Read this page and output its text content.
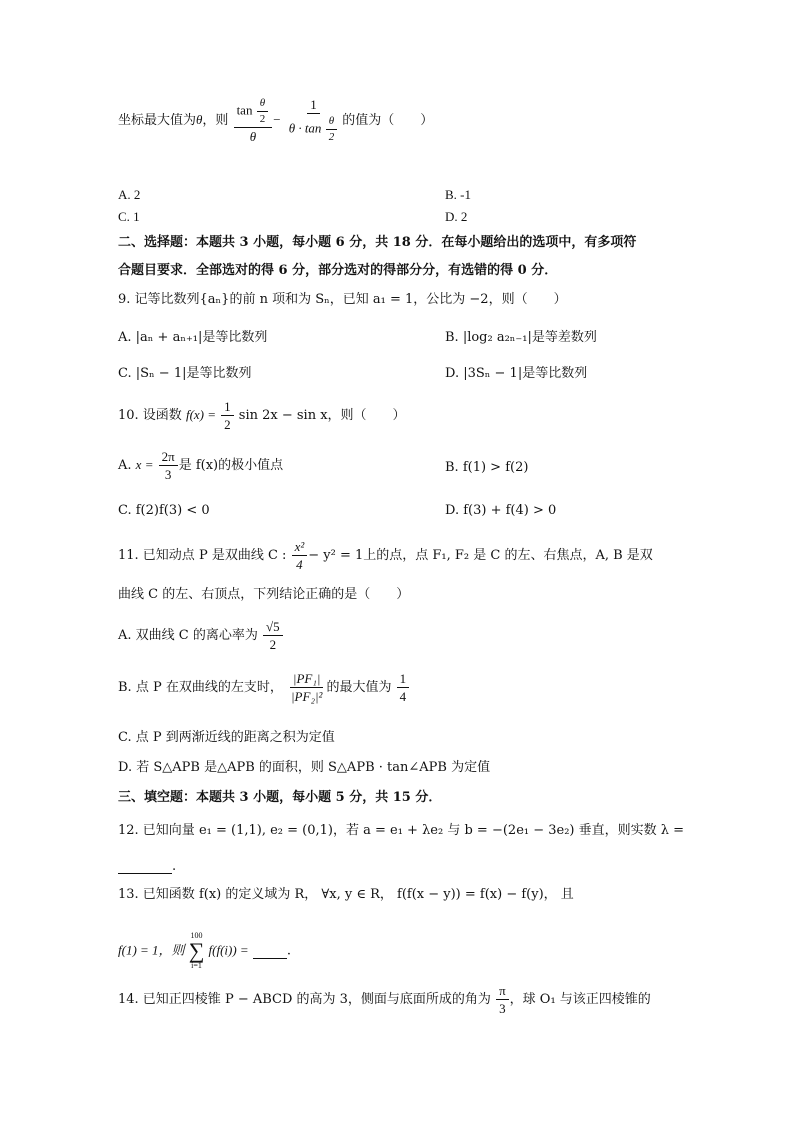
坐标最大值为θ，则 $\frac{\tan \frac{\theta}{2}}{\theta} - \frac{1}{\theta \cdot \tan \frac{\theta}{2}}$ 的值为（　　）
A. 2	B. -1
C. 1	D. 2
二、选择题：本题共 3 小题，每小题 6 分，共 18 分．在每小题给出的选项中，有多项符
合题目要求．全部选对的得 6 分，部分选对的得部分分，有选错的得 0 分．
9. 记等比数列{aₙ}的前 n 项和为 Sₙ，已知 a₁ = 1，公比为 −2，则（　　）
A. |aₙ + aₙ₊₁|是等比数列	B. |log₂ a₂ₙ₋₁|是等差数列
C. |Sₙ − 1|是等比数列	D. |3Sₙ − 1|是等比数列
10. 设函数 $f(x) = \frac{1}{2}$ sin 2x − sin x，则（　　）
A. $x = \frac{2\pi}{3}$ 是 f(x)的极小值点	B. f(1) > f(2)
C. f(2)f(3) < 0	D. f(3) + f(4) > 0
11. 已知动点 P 是双曲线 C : $\frac{\text{x²}}{4} - y^2 = 1$上的点，点 F₁, F₂ 是 C 的左、右焦点，A, B 是双
曲线 C 的左、右顶点，下列结论正确的是（　　）
A. 双曲线 C 的离心率为 $\frac{√5}{2}$
B. 点 P 在双曲线的左支时， $\frac{\text{|PF₁|}}{\text{|PF₂|²}}$ 的最大值为 $\frac{1}{4}$
C. 点 P 到两渐近线的距离之积为定值
D. 若 S△APB 是△APB 的面积，则 S△APB · tan∠APB 为定值
三、填空题：本题共 3 小题，每小题 5 分，共 15 分．
12. 已知向量 e₁ = (1,1), e₂ = (0,1)，若 a = e₁ + λe₂ 与 b = −(2e₁ − 3e₂) 垂直，则实数 λ =
.
13. 已知函数 f(x) 的定义域为 R， ∀x, y ∈ R， f(f(x − y)) = f(x) − f(y)， 且
f(1) = 1，则
100
∑
i=1
f(f(i)) =	.
14. 已知正四棱锥 P − ABCD 的高为 3，侧面与底面所成的角为 $\frac{\pi}{3}$ ，球 O₁ 与该正四棱锥的
